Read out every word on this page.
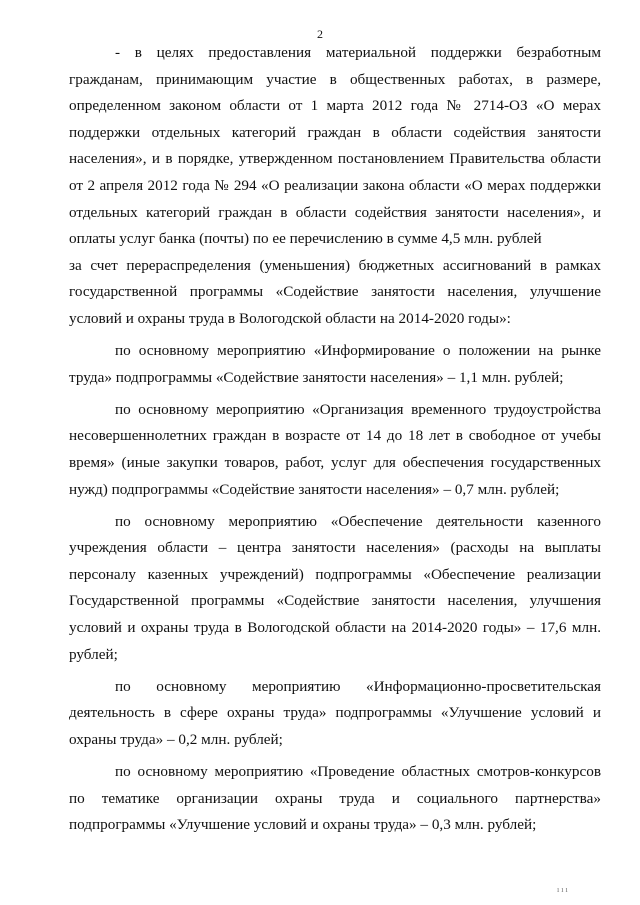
2

- в целях предоставления материальной поддержки безработным гражданам, принимающим участие в общественных работах, в размере, определенном законом области от 1 марта 2012 года № 2714-ОЗ «О мерах поддержки отдельных категорий граждан в области содействия занятости населения», и в порядке, утвержденном постановлением Правительства области от 2 апреля 2012 года № 294 «О реализации закона области «О мерах поддержки отдельных категорий граждан в области содействия занятости населения», и оплаты услуг банка (почты) по ее перечислению в сумме 4,5 млн. рублей

за счет перераспределения (уменьшения) бюджетных ассигнований в рамках государственной программы «Содействие занятости населения, улучшение условий и охраны труда в Вологодской области на 2014-2020 годы»:

по основному мероприятию «Информирование о положении на рынке труда» подпрограммы «Содействие занятости населения» – 1,1 млн. рублей;

по основному мероприятию «Организация временного трудоустройства несовершеннолетних граждан в возрасте от 14 до 18 лет в свободное от учебы время» (иные закупки товаров, работ, услуг для обеспечения государственных нужд) подпрограммы «Содействие занятости населения» – 0,7 млн. рублей;

по основному мероприятию «Обеспечение деятельности казенного учреждения области – центра занятости населения» (расходы на выплаты персоналу казенных учреждений) подпрограммы «Обеспечение реализации Государственной программы «Содействие занятости населения, улучшения условий и охраны труда в Вологодской области на 2014-2020 годы» – 17,6 млн. рублей;

по основному мероприятию «Информационно-просветительская деятельность в сфере охраны труда» подпрограммы «Улучшение условий и охраны труда» – 0,2 млн. рублей;

по основному мероприятию «Проведение областных смотров-конкурсов по тематике организации охраны труда и социального партнерства» подпрограммы «Улучшение условий и охраны труда» – 0,3 млн. рублей;

ııı
